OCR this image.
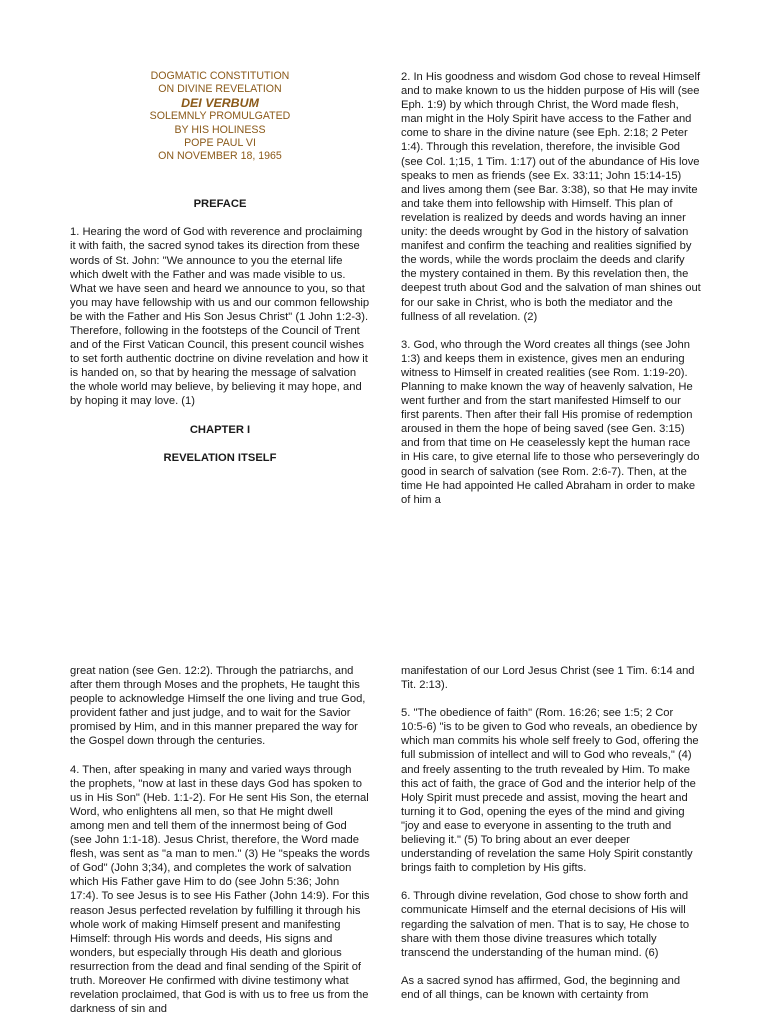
DOGMATIC CONSTITUTION
ON DIVINE REVELATION
DEI VERBUM
SOLEMNLY PROMULGATED
BY HIS HOLINESS
POPE PAUL VI
ON NOVEMBER 18, 1965

PREFACE

1. Hearing the word of God with reverence and proclaiming it with faith, the sacred synod takes its direction from these words of St. John: "We announce to you the eternal life which dwelt with the Father and was made visible to us. What we have seen and heard we announce to you, so that you may have fellowship with us and our common fellowship be with the Father and His Son Jesus Christ" (1 John 1:2-3). Therefore, following in the footsteps of the Council of Trent and of the First Vatican Council, this present council wishes to set forth authentic doctrine on divine revelation and how it is handed on, so that by hearing the message of salvation the whole world may believe, by believing it may hope, and by hoping it may love. (1)

CHAPTER I

REVELATION ITSELF

2. In His goodness and wisdom God chose to reveal Himself and to make known to us the hidden purpose of His will (see Eph. 1:9) by which through Christ, the Word made flesh, man might in the Holy Spirit have access to the Father and come to share in the divine nature (see Eph. 2:18; 2 Peter 1:4). Through this revelation, therefore, the invisible God (see Col. 1;15, 1 Tim. 1:17) out of the abundance of His love speaks to men as friends (see Ex. 33:11; John 15:14-15) and lives among them (see Bar. 3:38), so that He may invite and take them into fellowship with Himself. This plan of revelation is realized by deeds and words having an inner unity: the deeds wrought by God in the history of salvation manifest and confirm the teaching and realities signified by the words, while the words proclaim the deeds and clarify the mystery contained in them. By this revelation then, the deepest truth about God and the salvation of man shines out for our sake in Christ, who is both the mediator and the fullness of all revelation. (2)

3. God, who through the Word creates all things (see John 1:3) and keeps them in existence, gives men an enduring witness to Himself in created realities (see Rom. 1:19-20). Planning to make known the way of heavenly salvation, He went further and from the start manifested Himself to our first parents. Then after their fall His promise of redemption aroused in them the hope of being saved (see Gen. 3:15) and from that time on He ceaselessly kept the human race in His care, to give eternal life to those who perseveringly do good in search of salvation (see Rom. 2:6-7). Then, at the time He had appointed He called Abraham in order to make of him a

great nation (see Gen. 12:2). Through the patriarchs, and after them through Moses and the prophets, He taught this people to acknowledge Himself the one living and true God, provident father and just judge, and to wait for the Savior promised by Him, and in this manner prepared the way for the Gospel down through the centuries.

4. Then, after speaking in many and varied ways through the prophets, "now at last in these days God has spoken to us in His Son" (Heb. 1:1-2). For He sent His Son, the eternal Word, who enlightens all men, so that He might dwell among men and tell them of the innermost being of God (see John 1:1-18). Jesus Christ, therefore, the Word made flesh, was sent as "a man to men." (3) He "speaks the words of God" (John 3;34), and completes the work of salvation which His Father gave Him to do (see John 5:36; John 17:4). To see Jesus is to see His Father (John 14:9). For this reason Jesus perfected revelation by fulfilling it through his whole work of making Himself present and manifesting Himself: through His words and deeds, His signs and wonders, but especially through His death and glorious resurrection from the dead and final sending of the Spirit of truth. Moreover He confirmed with divine testimony what revelation proclaimed, that God is with us to free us from the darkness of sin and

manifestation of our Lord Jesus Christ (see 1 Tim. 6:14 and Tit. 2:13).

5. "The obedience of faith" (Rom. 16:26; see 1:5; 2 Cor 10:5-6) "is to be given to God who reveals, an obedience by which man commits his whole self freely to God, offering the full submission of intellect and will to God who reveals," (4) and freely assenting to the truth revealed by Him. To make this act of faith, the grace of God and the interior help of the Holy Spirit must precede and assist, moving the heart and turning it to God, opening the eyes of the mind and giving "joy and ease to everyone in assenting to the truth and believing it." (5) To bring about an ever deeper understanding of revelation the same Holy Spirit constantly brings faith to completion by His gifts.

6. Through divine revelation, God chose to show forth and communicate Himself and the eternal decisions of His will regarding the salvation of men. That is to say, He chose to share with them those divine treasures which totally transcend the understanding of the human mind. (6)

As a sacred synod has affirmed, God, the beginning and end of all things, can be known with certainty from
